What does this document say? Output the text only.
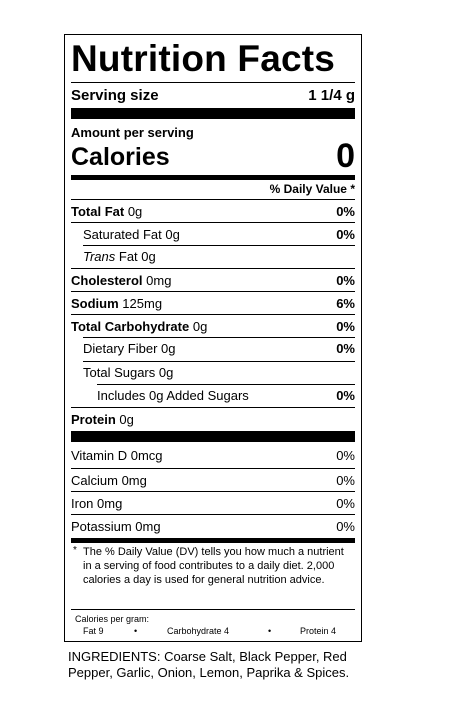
Nutrition Facts
Serving size	1 1/4 g
Amount per serving
Calories	0
% Daily Value *
Total Fat 0g	0%
Saturated Fat 0g	0%
Trans Fat 0g
Cholesterol 0mg	0%
Sodium 125mg	6%
Total Carbohydrate 0g	0%
Dietary Fiber 0g	0%
Total Sugars 0g
Includes 0g Added Sugars	0%
Protein 0g
Vitamin D 0mcg	0%
Calcium 0mg	0%
Iron 0mg	0%
Potassium 0mg	0%
* The % Daily Value (DV) tells you how much a nutrient in a serving of food contributes to a daily diet. 2,000 calories a day is used for general nutrition advice.
Calories per gram:
Fat 9	•	Carbohydrate 4	•	Protein 4
INGREDIENTS: Coarse Salt, Black Pepper, Red Pepper, Garlic, Onion, Lemon, Paprika & Spices.
